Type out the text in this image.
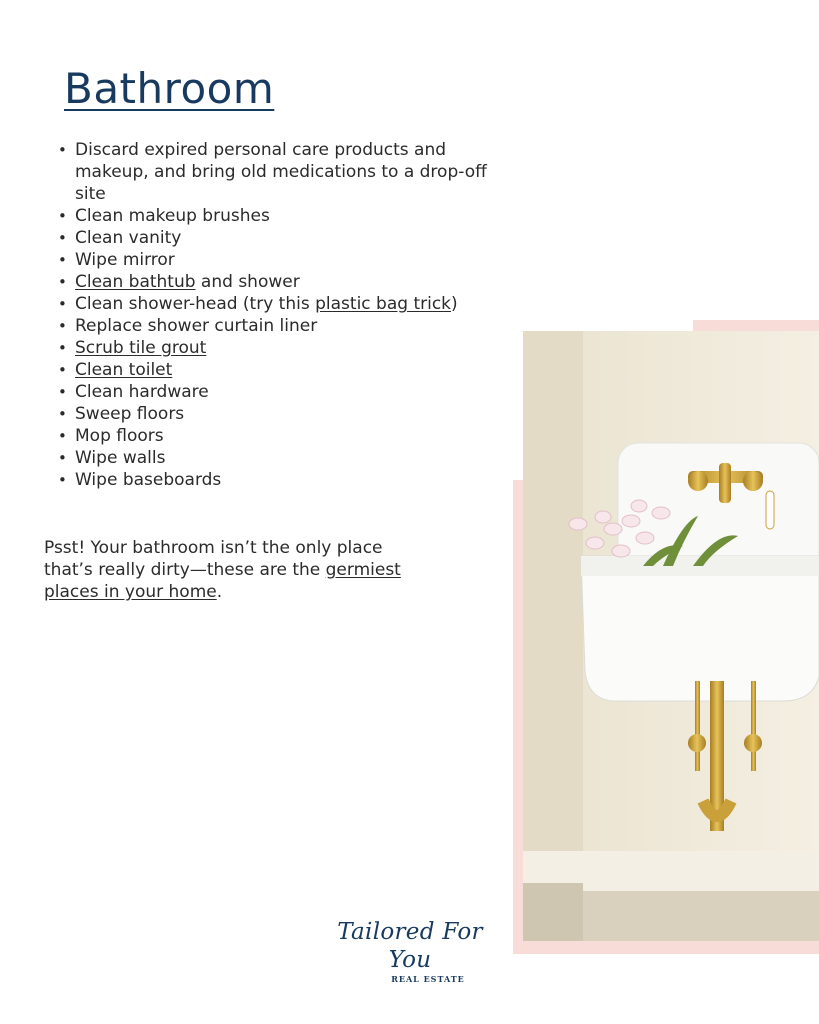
Bathroom
• Discard expired personal care products and makeup, and bring old medications to a drop-off site
• Clean makeup brushes
• Clean vanity
• Wipe mirror
• Clean bathtub and shower
• Clean shower-head (try this plastic bag trick)
• Replace shower curtain liner
• Scrub tile grout
• Clean toilet
• Clean hardware
• Sweep floors
• Mop floors
• Wipe walls
• Wipe baseboards

Psst! Your bathroom isn’t the only place that’s really dirty—these are the germiest places in your home.

Tailored For You
REAL ESTATE
